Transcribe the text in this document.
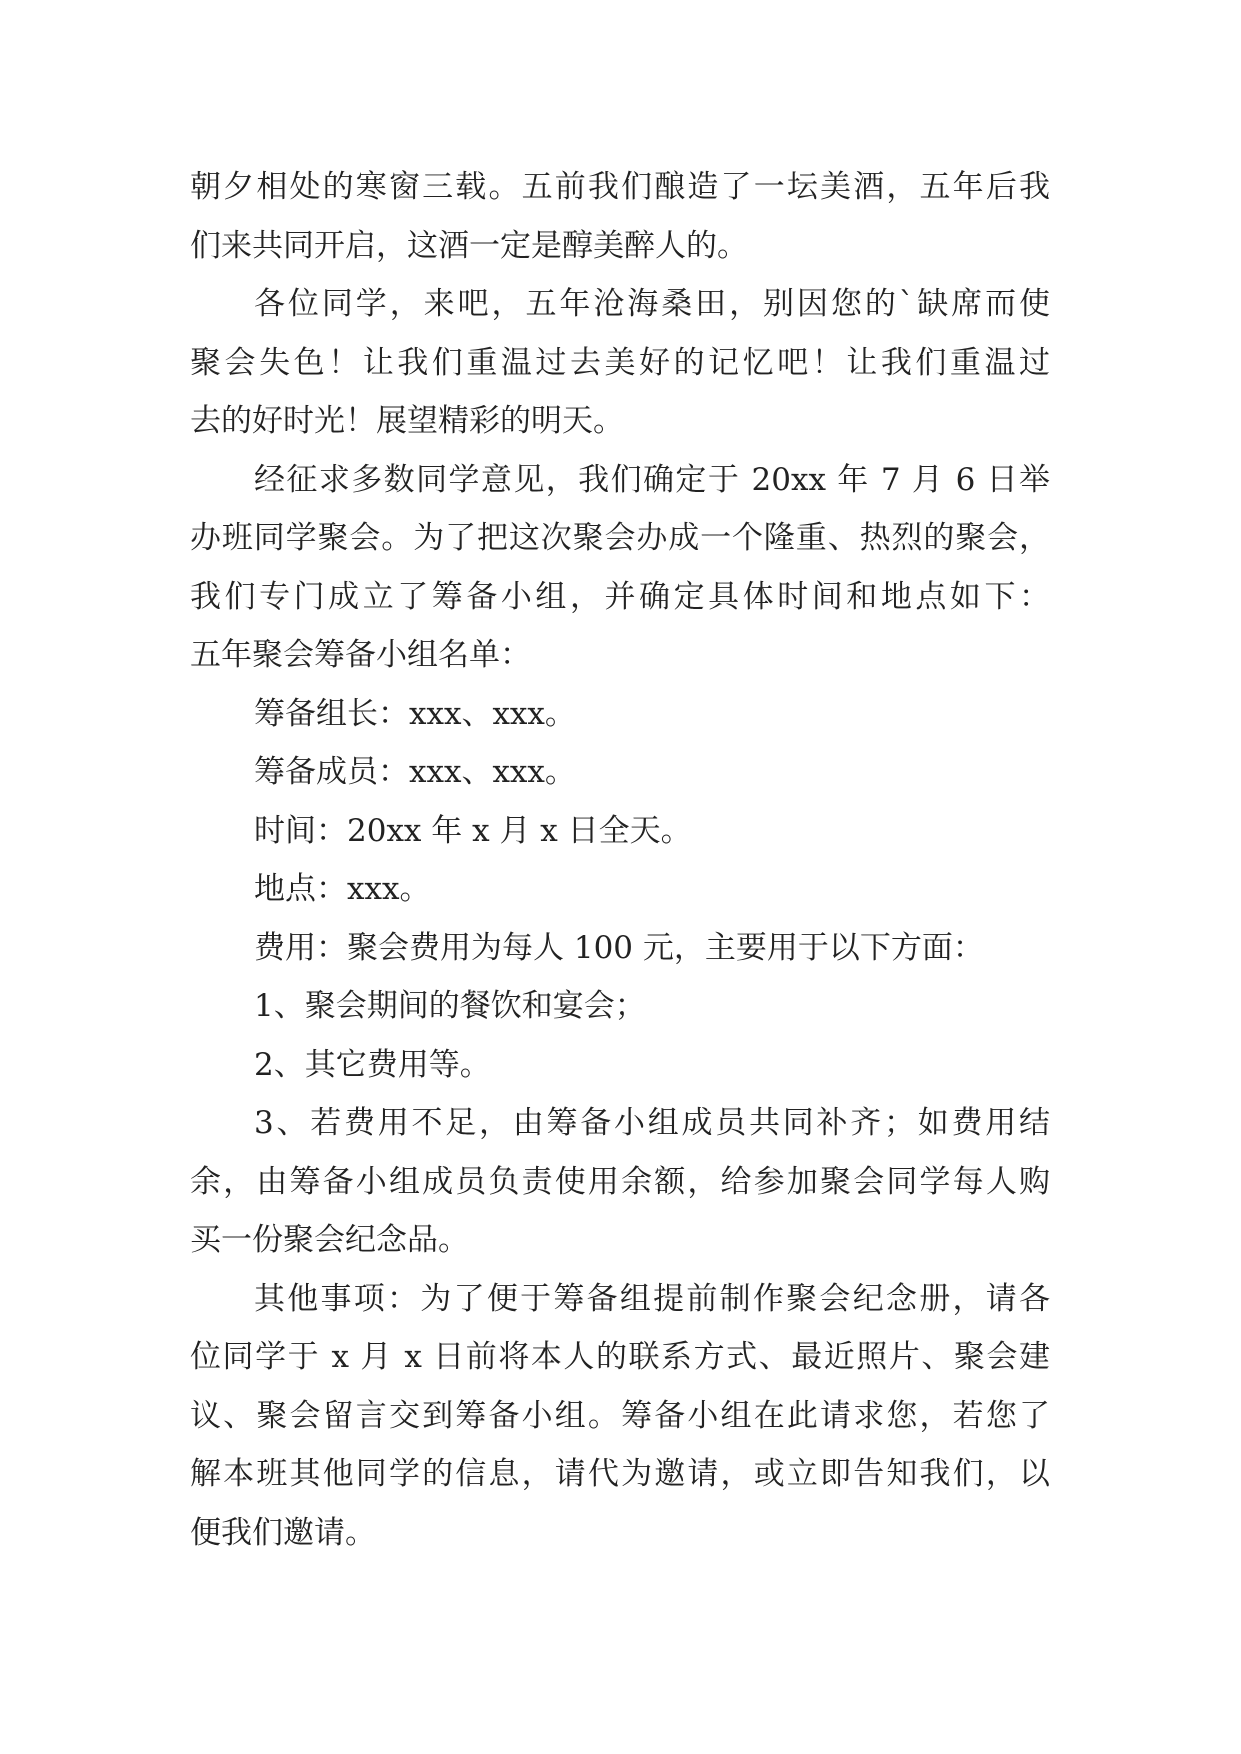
朝夕相处的寒窗三载。五前我们酿造了一坛美酒，五年后我
们来共同开启，这酒一定是醇美醉人的。
各位同学，来吧，五年沧海桑田，别因您的`缺席而使
聚会失色！让我们重温过去美好的记忆吧！让我们重温过
去的好时光！展望精彩的明天。
经征求多数同学意见，我们确定于 20xx 年 7 月 6 日举
办班同学聚会。为了把这次聚会办成一个隆重、热烈的聚会，
我们专门成立了筹备小组，并确定具体时间和地点如下：
五年聚会筹备小组名单：
筹备组长：xxx、xxx。
筹备成员：xxx、xxx。
时间：20xx 年 x 月 x 日全天。
地点：xxx。
费用：聚会费用为每人 100 元，主要用于以下方面：
1、聚会期间的餐饮和宴会；
2、其它费用等。
3、若费用不足，由筹备小组成员共同补齐；如费用结
余，由筹备小组成员负责使用余额，给参加聚会同学每人购
买一份聚会纪念品。
其他事项：为了便于筹备组提前制作聚会纪念册，请各
位同学于 x 月 x 日前将本人的联系方式、最近照片、聚会建
议、聚会留言交到筹备小组。筹备小组在此请求您，若您了
解本班其他同学的信息，请代为邀请，或立即告知我们，以
便我们邀请。
